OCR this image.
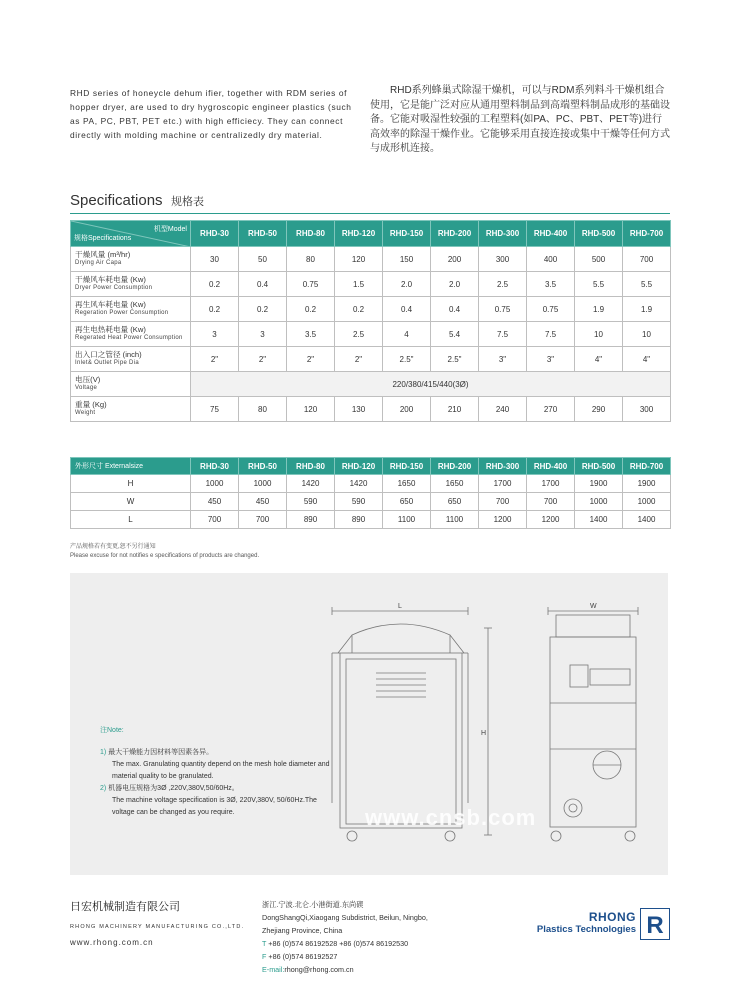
RHD series of honeycle dehum ifier, together with RDM series of hopper dryer, are used to dry hygroscopic engineer plastics (such as PA, PC, PBT, PET etc.) with high efficiecy. They can connect directly with molding machine or centralizedly dry material.
RHD系列蜂巢式除湿干燥机，可以与RDM系列料斗干燥机组合使用，它是能广泛对应从通用塑料制品到高端塑料制品成形的基础设备。它能对吸湿性较强的工程塑料(如PA、PC、PBT、PET等)进行高效率的除湿干燥作业。它能够采用直接连接或集中干燥等任何方式与成形机连接。
Specifications 规格表
机型Model
规格Specifications	RHD-30	RHD-50	RHD-80	RHD-120	RHD-150	RHD-200	RHD-300	RHD-400	RHD-500	RHD-700
干燥风量 (m³/hr)
Drying Air Capa	30	50	80	120	150	200	300	400	500	700
干燥风车耗电量 (Kw)
Dryer Power Consumption	0.2	0.4	0.75	1.5	2.0	2.0	2.5	3.5	5.5	5.5
再生风车耗电量 (Kw)
Regeration Power Consumption	0.2	0.2	0.2	0.2	0.4	0.4	0.75	0.75	1.9	1.9
再生电热耗电量 (Kw)
Regerated Heat Power Consumption	3	3	3.5	2.5	4	5.4	7.5	7.5	10	10
出入口之管径 (inch)
Inlet& Outlet Pipe Dia	2"	2"	2"	2"	2.5"	2.5"	3"	3"	4"	4"
电压(V)
Voltage	220/380/415/440(3Ø)									
重量 (Kg)
Weight	75	80	120	130	200	210	240	270	290	300
外形尺寸 Externalsize	RHD-30	RHD-50	RHD-80	RHD-120	RHD-150	RHD-200	RHD-300	RHD-400	RHD-500	RHD-700
H	1000	1000	1420	1420	1650	1650	1700	1700	1900	1900
W	450	450	590	590	650	650	700	700	1000	1000
L	700	700	890	890	1100	1100	1200	1200	1400	1400
产品规格若有变更,恕不另行通知
Please excuse for not notifies e specifications of products are changed.
L
H
W
www.cnsb.com
注Note:
1) 最大干燥能力因材料等因素各异。
The max. Granulating quantity depend on the mesh hole diameter and material quality to be granulated.
2) 机器电压规格为3Ø ,220V,380V,50/60Hz。
The machine voltage specification is 3Ø, 220V,380V, 50/60Hz.The voltage can be changed as you require.
日宏机械制造有限公司
RHONG MACHINERY MANUFACTURING CO.,LTD.
www.rhong.com.cn
浙江.宁波.北仑.小港街道.东尚碶
DongShangQi,Xiaogang Subdistrict, Beilun, Ningbo,
Zhejiang Province, China
T +86 (0)574 86192528 +86 (0)574 86192530
F +86 (0)574 86192527
E-mail:rhong@rhong.com.cn
RHONG
Plastics Technologies R
